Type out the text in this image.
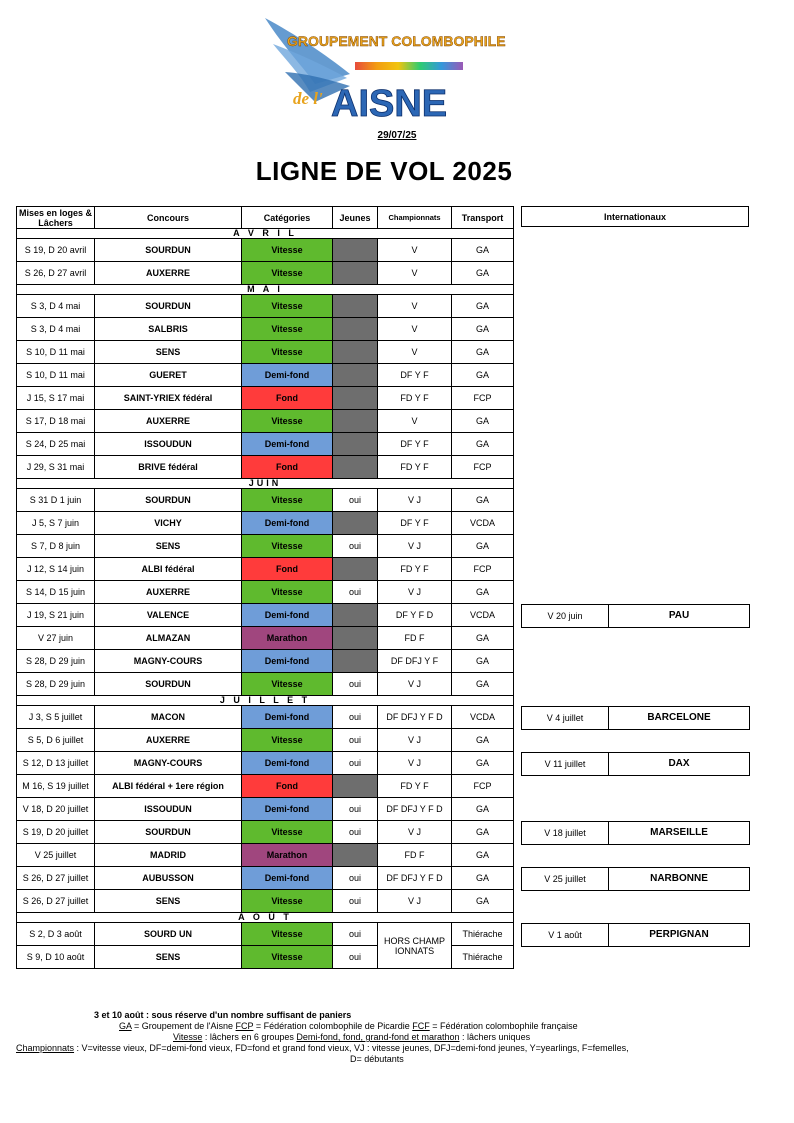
GROUPEMENT COLOMBOPHILE
de l' AISNE
29/07/25
LIGNE DE VOL 2025
Mises en loges & Lâchers	Concours	Catégories	Jeunes	Championnats	Transport
A V R I L					
S 19, D 20 avril	SOURDUN	Vitesse		V	GA
S 26, D 27 avril	AUXERRE	Vitesse		V	GA
M A I					
S 3, D 4 mai	SOURDUN	Vitesse		V	GA
S 3, D 4 mai	SALBRIS	Vitesse		V	GA
S 10, D 11 mai	SENS	Vitesse		V	GA
S 10, D 11 mai	GUERET	Demi-fond		DF Y F	GA
J 15, S 17 mai	SAINT-YRIEX fédéral	Fond		FD Y F	FCP
S 17, D 18 mai	AUXERRE	Vitesse		V	GA
S 24, D 25 mai	ISSOUDUN	Demi-fond		DF Y F	GA
J 29, S 31 mai	BRIVE fédéral	Fond		FD Y F	FCP
JUIN					
S 31 D 1 juin	SOURDUN	Vitesse	oui	V J	GA
J 5, S 7 juin	VICHY	Demi-fond		DF Y F	VCDA
S 7, D 8 juin	SENS	Vitesse	oui	V J	GA
J 12, S 14 juin	ALBI fédéral	Fond		FD Y F	FCP
S 14, D 15 juin	AUXERRE	Vitesse	oui	V J	GA
J 19, S 21 juin	VALENCE	Demi-fond		DF Y F D	VCDA
V 27 juin	ALMAZAN	Marathon		FD F	GA
S 28, D 29 juin	MAGNY-COURS	Demi-fond		DF DFJ Y F	GA
S 28, D 29 juin	SOURDUN	Vitesse	oui	V J	GA
J U I L L E T					
J 3, S 5 juillet	MACON	Demi-fond	oui	DF DFJ Y F D	VCDA
S 5, D 6 juillet	AUXERRE	Vitesse	oui	V J	GA
S 12, D 13 juillet	MAGNY-COURS	Demi-fond	oui	V J	GA
M 16, S 19 juillet	ALBI fédéral + 1ere région	Fond		FD Y F	FCP
V 18, D 20 juillet	ISSOUDUN	Demi-fond	oui	DF DFJ Y F D	GA
S 19, D 20 juillet	SOURDUN	Vitesse	oui	V J	GA
V 25 juillet	MADRID	Marathon		FD F	GA
S 26, D 27 juillet	AUBUSSON	Demi-fond	oui	DF DFJ Y F D	GA
S 26, D 27 juillet	SENS	Vitesse	oui	V J	GA
A O Û T					
S 2, D 3 août	SOURD UN	Vitesse	oui	HORS CHAMPIONNATS	Thiérache
S 9, D 10 août	SENS	Vitesse	oui		Thiérache
Internationaux
V 20 juin	PAU
V 4 juillet	BARCELONE
V 11 juillet	DAX
V 18 juillet	MARSEILLE
V 25 juillet	NARBONNE
V 1 août	PERPIGNAN
3 et 10 août : sous réserve d'un nombre suffisant de paniers
GA = Groupement de l'Aisne FCP = Fédération colombophile de Picardie FCF = Fédération colombophile française
Vitesse : lâchers en 6 groupes Demi-fond, fond, grand-fond et marathon : lâchers uniques
Championnats : V=vitesse vieux, DF=demi-fond vieux, FD=fond et grand fond vieux, VJ : vitesse jeunes, DFJ=demi-fond jeunes, Y=yearlings, F=femelles,
D= débutants
